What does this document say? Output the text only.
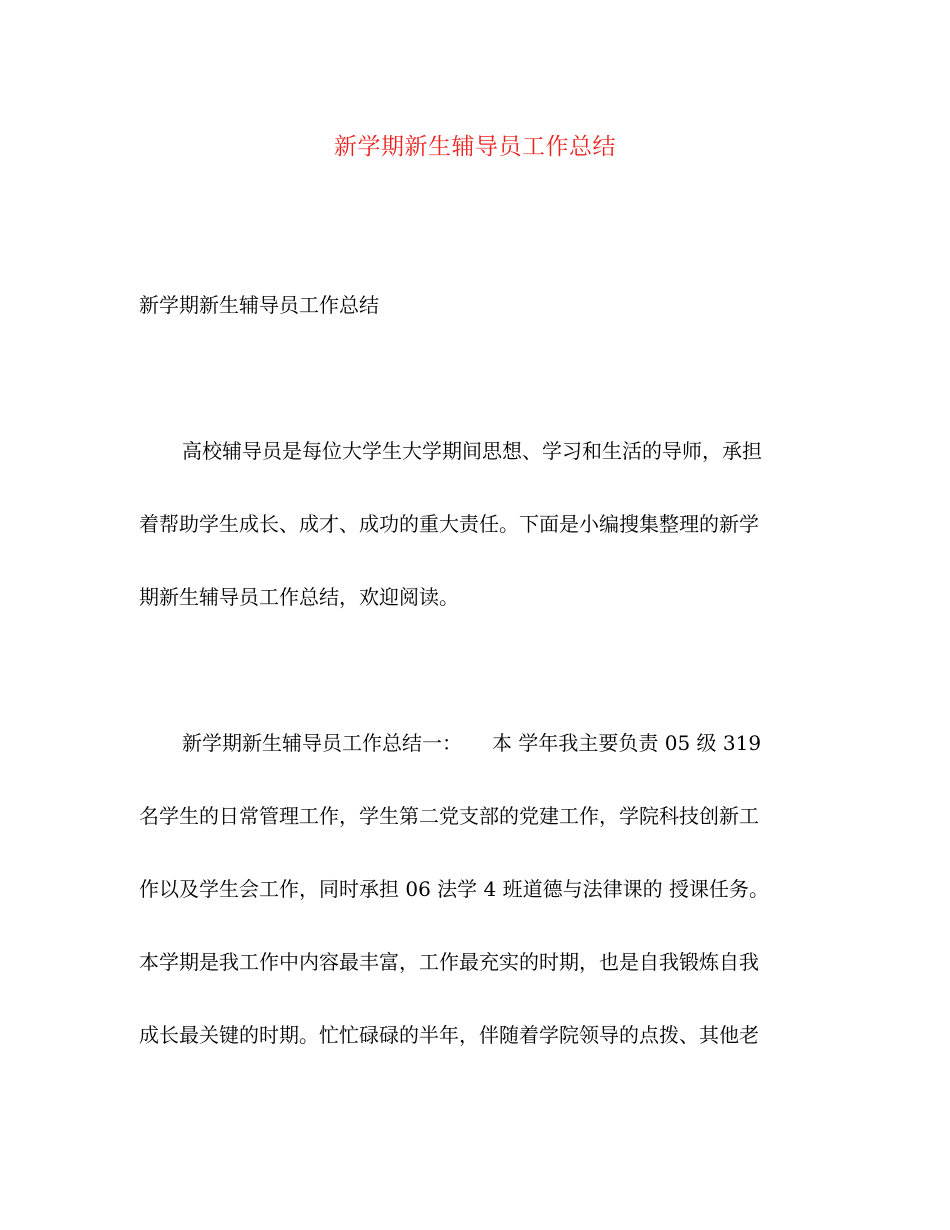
新学期新生辅导员工作总结
新学期新生辅导员工作总结
高校辅导员是每位大学生大学期间思想、学习和生活的导师，承担
着帮助学生成长、成才、成功的重大责任。下面是小编搜集整理的新学
期新生辅导员工作总结，欢迎阅读。
新学期新生辅导员工作总结一：　　本 学年我主要负责 05 级 319
名学生的日常管理工作，学生第二党支部的党建工作，学院科技创新工
作以及学生会工作，同时承担 06 法学 4 班道德与法律课的 授课任务。
本学期是我工作中内容最丰富，工作最充实的时期，也是自我锻炼自我
成长最关键的时期。忙忙碌碌的半年，伴随着学院领导的点拨、其他老
